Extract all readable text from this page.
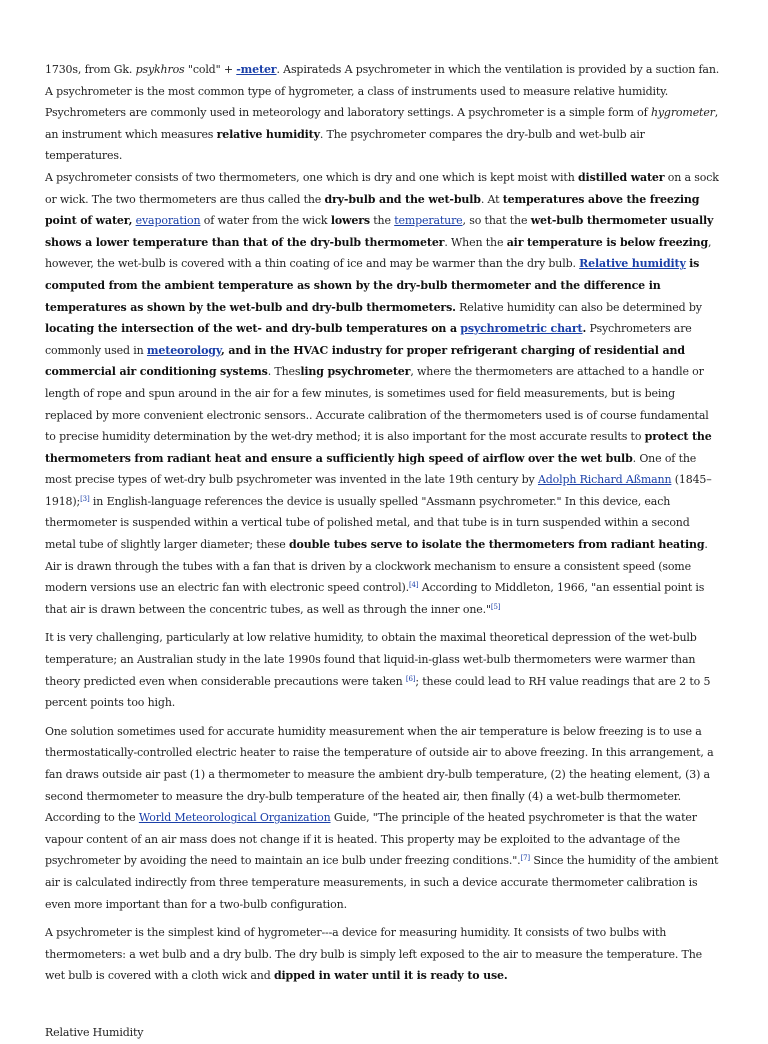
1730s, from Gk. psykhros "cold" + -meter. Aspirateds A psychrometer in which the ventilation is provided by a suction fan.

A psychrometer is the most common type of hygrometer, a class of instruments used to measure relative humidity. Psychrometers are commonly used in meteorology and laboratory settings. A psychrometer is a simple form of hygrometer, an instrument which measures relative humidity. The psychrometer compares the dry-bulb and wet-bulb air temperatures.

A psychrometer consists of two thermometers, one which is dry and one which is kept moist with distilled water on a sock or wick. The two thermometers are thus called the dry-bulb and the wet-bulb. At temperatures above the freezing point of water, evaporation of water from the wick lowers the temperature, so that the wet-bulb thermometer usually shows a lower temperature than that of the dry-bulb thermometer. When the air temperature is below freezing, however, the wet-bulb is covered with a thin coating of ice and may be warmer than the dry bulb. Relative humidity is computed from the ambient temperature as shown by the dry-bulb thermometer and the difference in temperatures as shown by the wet-bulb and dry-bulb thermometers. Relative humidity can also be determined by locating the intersection of the wet- and dry-bulb temperatures on a psychrometric chart. Psychrometers are commonly used in meteorology, and in the HVAC industry for proper refrigerant charging of residential and commercial air conditioning systems. Thesling psychrometer, where the thermometers are attached to a handle or length of rope and spun around in the air for a few minutes, is sometimes used for field measurements, but is being replaced by more convenient electronic sensors.. Accurate calibration of the thermometers used is of course fundamental to precise humidity determination by the wet-dry method; it is also important for the most accurate results to protect the thermometers from radiant heat and ensure a sufficiently high speed of airflow over the wet bulb. One of the most precise types of wet-dry bulb psychrometer was invented in the late 19th century by Adolph Richard Aßmann (1845–1918);[3] in English-language references the device is usually spelled "Assmann psychrometer." In this device, each thermometer is suspended within a vertical tube of polished metal, and that tube is in turn suspended within a second metal tube of slightly larger diameter; these double tubes serve to isolate the thermometers from radiant heating. Air is drawn through the tubes with a fan that is driven by a clockwork mechanism to ensure a consistent speed (some modern versions use an electric fan with electronic speed control).[4] According to Middleton, 1966, "an essential point is that air is drawn between the concentric tubes, as well as through the inner one."[5]

It is very challenging, particularly at low relative humidity, to obtain the maximal theoretical depression of the wet-bulb temperature; an Australian study in the late 1990s found that liquid-in-glass wet-bulb thermometers were warmer than theory predicted even when considerable precautions were taken [6]; these could lead to RH value readings that are 2 to 5 percent points too high.

One solution sometimes used for accurate humidity measurement when the air temperature is below freezing is to use a thermostatically-controlled electric heater to raise the temperature of outside air to above freezing. In this arrangement, a fan draws outside air past (1) a thermometer to measure the ambient dry-bulb temperature, (2) the heating element, (3) a second thermometer to measure the dry-bulb temperature of the heated air, then finally (4) a wet-bulb thermometer. According to the World Meteorological Organization Guide, "The principle of the heated psychrometer is that the water vapour content of an air mass does not change if it is heated. This property may be exploited to the advantage of the psychrometer by avoiding the need to maintain an ice bulb under freezing conditions.".[7] Since the humidity of the ambient air is calculated indirectly from three temperature measurements, in such a device accurate thermometer calibration is even more important than for a two-bulb configuration.

A psychrometer is the simplest kind of hygrometer---a device for measuring humidity. It consists of two bulbs with thermometers: a wet bulb and a dry bulb. The dry bulb is simply left exposed to the air to measure the temperature. The wet bulb is covered with a cloth wick and dipped in water until it is ready to use.

Relative Humidity
